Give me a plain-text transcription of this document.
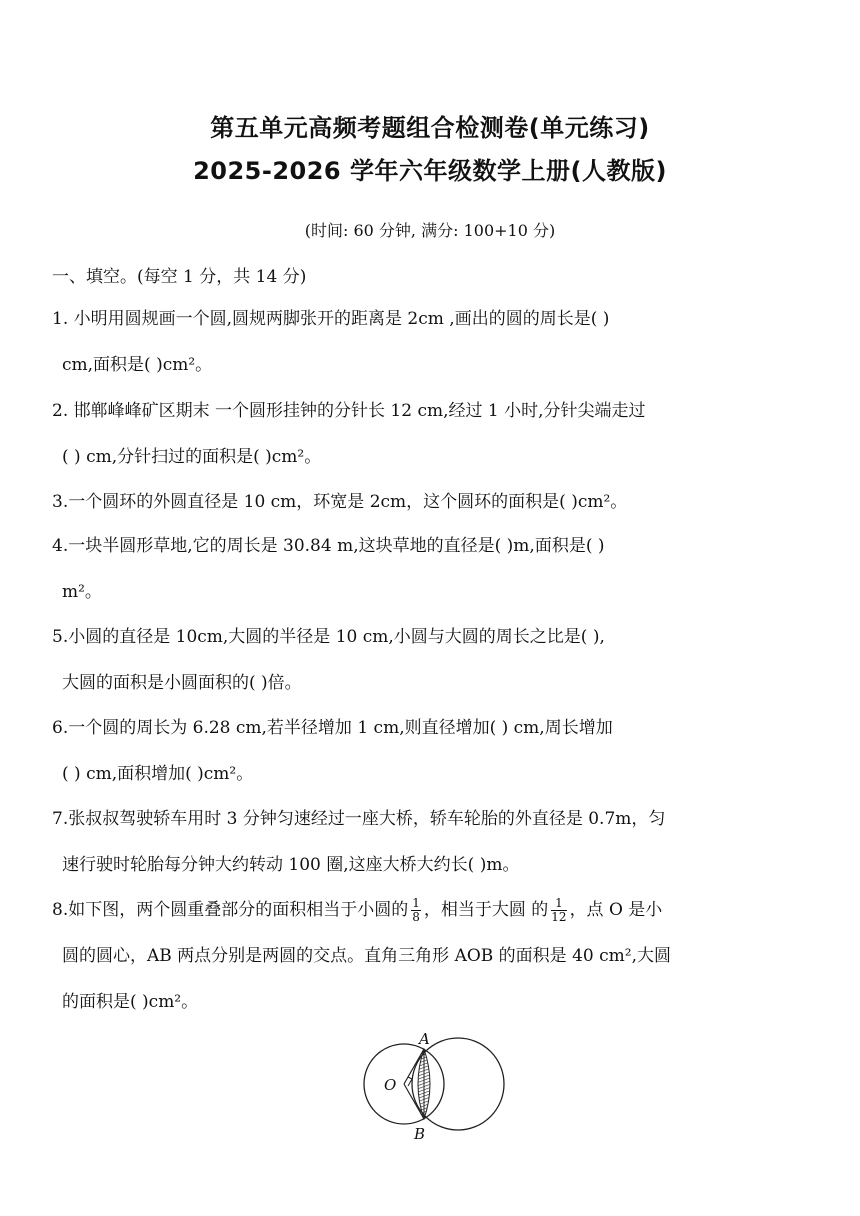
第五单元高频考题组合检测卷(单元练习)
2025-2026 学年六年级数学上册(人教版)
(时间: 60 分钟, 满分: 100+10 分)
一、填空。(每空 1 分，共 14 分)
1. 小明用圆规画一个圆,圆规两脚张开的距离是 2cm ,画出的圆的周长是( )
cm,面积是( )cm²。
2. 邯郸峰峰矿区期末 一个圆形挂钟的分针长 12 cm,经过 1 小时,分针尖端走过
( ) cm,分针扫过的面积是( )cm²。
3.一个圆环的外圆直径是 10 cm，环宽是 2cm，这个圆环的面积是( )cm²。
4.一块半圆形草地,它的周长是 30.84 m,这块草地的直径是( )m,面积是( )
m²。
5.小圆的直径是 10cm,大圆的半径是 10 cm,小圆与大圆的周长之比是( ),
大圆的面积是小圆面积的( )倍。
6.一个圆的周长为 6.28 cm,若半径增加 1 cm,则直径增加( ) cm,周长增加
( ) cm,面积增加( )cm²。
7.张叔叔驾驶轿车用时 3 分钟匀速经过一座大桥，轿车轮胎的外直径是 0.7m，匀
速行驶时轮胎每分钟大约转动 100 圈,这座大桥大约长( )m。
8.如下图，两个圆重叠部分的面积相当于小圆的 $\frac{1}{8}$ ，相当于大圆 的 $\frac{1}{12}$ ，点 O 是小
圆的圆心，AB 两点分别是两圆的交点。直角三角形 AOB 的面积是 40 cm²,大圆
的面积是( )cm²。
A
O
B
